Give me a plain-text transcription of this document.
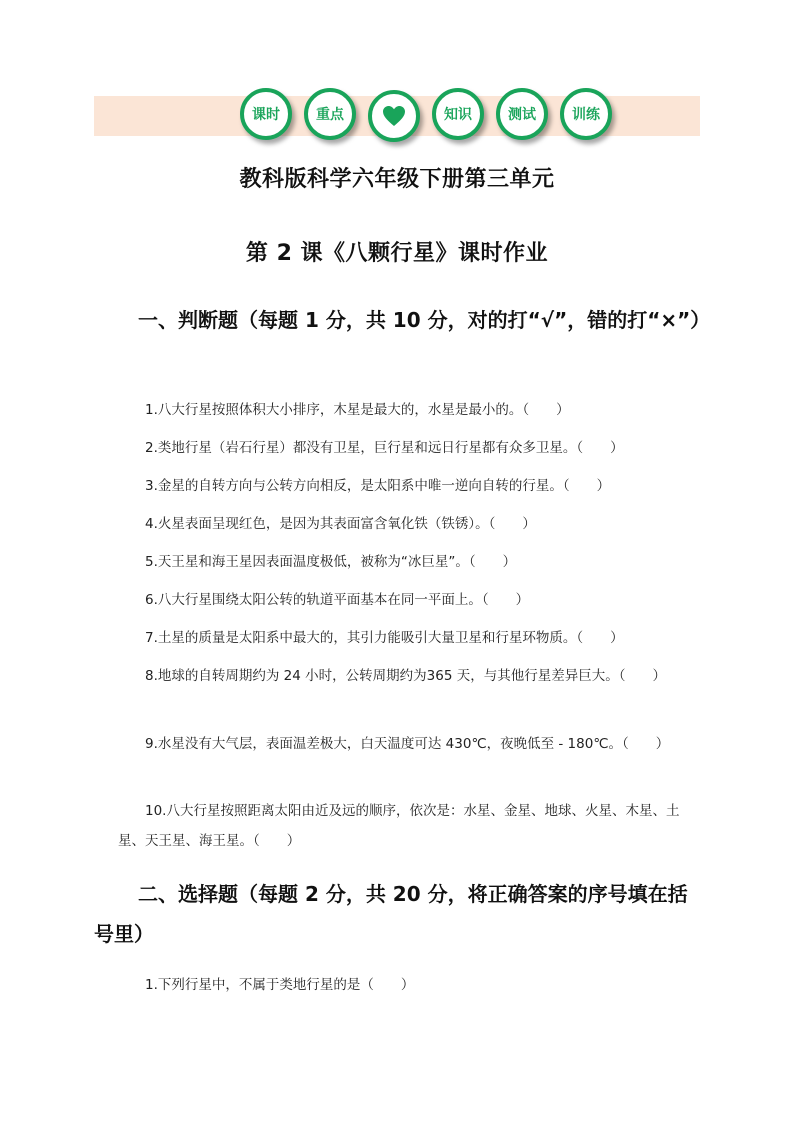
课时	重点	知识	测试	训练
教科版科学六年级下册第三单元
第 2 课《八颗行星》课时作业
一、判断题（每题 1 分，共 10 分，对的打“√”，错的打“×”）
1.八大行星按照体积大小排序，木星是最大的，水星是最小的。（　　）
2.类地行星（岩石行星）都没有卫星，巨行星和远日行星都有众多卫星。（　　）
3.金星的自转方向与公转方向相反，是太阳系中唯一逆向自转的行星。（　　）
4.火星表面呈现红色，是因为其表面富含氧化铁（铁锈）。（　　）
5.天王星和海王星因表面温度极低，被称为“冰巨星”。（　　）
6.八大行星围绕太阳公转的轨道平面基本在同一平面上。（　　）
7.土星的质量是太阳系中最大的，其引力能吸引大量卫星和行星环物质。（　　）
8.地球的自转周期约为 24 小时，公转周期约为365 天，与其他行星差异巨大。（　　）
9.水星没有大气层，表面温差极大，白天温度可达 430℃，夜晚低至 - 180℃。（　　）
10.八大行星按照距离太阳由近及远的顺序，依次是：水星、金星、地球、火星、木星、土星、天王星、海王星。（　　）
二、选择题（每题 2 分，共 20 分，将正确答案的序号填在括号里）
1.下列行星中，不属于类地行星的是（　　）
